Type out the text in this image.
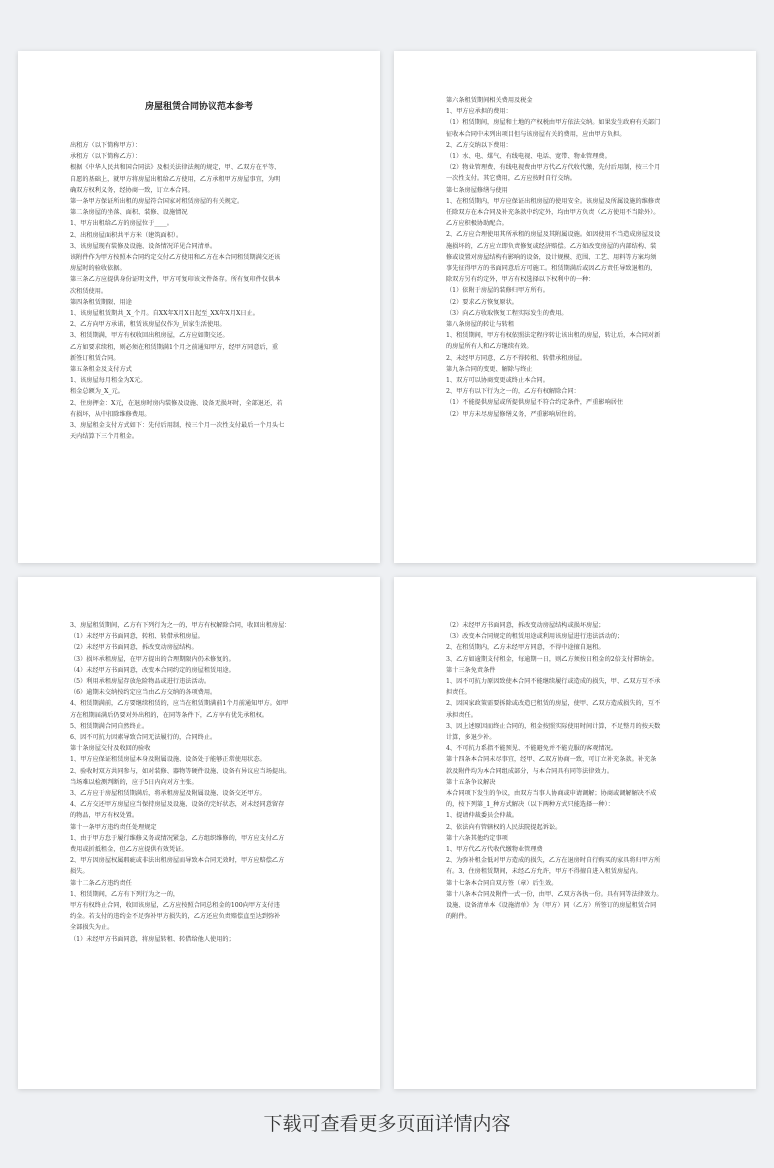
房屋租赁合同协议范本参考
出租方（以下简称甲方）：
承租方（以下简称乙方）：
根据《中华人民共和国合同法》及相关法律法规的规定，甲、乙双方在平等、
自愿的基础上，就甲方将房屋出租给乙方使用，乙方承租甲方房屋事宜，为明
确双方权利义务，经协商一致，订立本合同。
第一条甲方保证所出租的房屋符合国家对租赁房屋的有关规定。
第二条房屋的坐落、面积、装修、设施情况
1、甲方出租给乙方的房屋位于____。
2、出租房屋面积共平方米（建筑面积）。
3、该房屋现有装修及设施、设备情况详见合同清单。
该附件作为甲方按照本合同约定交付乙方使用和乙方在本合同租赁期满交还该
房屋时的验收依据。
第三条乙方应提供身份证明文件，甲方可复印该文件备存。所有复印件仅供本
次租赁使用。
第四条租赁期限、用途
1、该房屋租赁期共_X_个月。自XX年X月X日起至_XX年X月X日止。
2、乙方向甲方承诺，租赁该房屋仅作为_居家生活使用。
3、租赁期满，甲方有权收回出租房屋，乙方应如期交还。
乙方如要求续租，则必须在租赁期满1个月之前通知甲方，经甲方同意后，重
新签订租赁合同。
第五条租金及支付方式
1、该房屋每月租金为X元。
租金总额为_X_元。
2、住房押金：X元，在退房时房内装修及设施、设备无损坏时，全部退还，若
有损坏，从中扣除维修费用。
3、房屋租金支付方式如下：先付后用制，按三个月一次性支付最后一个月头七
天内结算下三个月租金。
第六条租赁期间相关费用及税金
1、甲方应承担的费用：
（1）租赁期间，房屋和土地的产权税由甲方依法交纳。如果发生政府有关部门
征收本合同中未列出项目但与该房屋有关的费用，应由甲方负担。
2、乙方交纳以下费用：
（1）水、电、煤气、有线电视、电话、宽带、物业管理费。
（2）物业管理费、有线电视费由甲方代乙方代收代缴，先付后用制，按三个月
一次性支付。其它费用，乙方应按时自行交纳。
第七条房屋修缮与使用
1、在租赁期内，甲方应保证出租房屋的使用安全。该房屋及所属设施的维修责
任除双方在本合同及补充条款中约定外，均由甲方负责（乙方使用不当除外）。
乙方应积极协助配合。
2、乙方应合理使用其所承租的房屋及其附属设施。如因使用不当造成房屋及设
施损坏的，乙方应立即负责修复或经济赔偿。乙方如改变房屋的内部结构、装
修或设置对房屋结构有影响的设备，设计规模、范围、工艺、用料等方案均须
事先征得甲方的书面同意后方可施工。租赁期满后或因乙方责任导致退租的，
除双方另有约定外，甲方有权选择以下权利中的一种：
（1）依附于房屋的装修归甲方所有。
（2）要求乙方恢复原状。
（3）向乙方收取恢复工程实际发生的费用。
第八条房屋的转让与转租
1、租赁期间，甲方有权依照法定程序转让该出租的房屋，转让后，本合同对新
的房屋所有人和乙方继续有效。
2、未经甲方同意，乙方不得转租、转借承租房屋。
第九条合同的变更、解除与终止
1、双方可以协商变更或终止本合同。
2、甲方有以下行为之一的，乙方有权解除合同：
（1）不能提供房屋或所提供房屋不符合约定条件，严重影响居住
（2）甲方未尽房屋修缮义务，严重影响居住的。
3、房屋租赁期间，乙方有下列行为之一的，甲方有权解除合同，收回出租房屋：
（1）未经甲方书面同意，转租、转借承租房屋。
（2）未经甲方书面同意，拆改变动房屋结构。
（3）损坏承租房屋，在甲方提出的合理期限内仍未修复的。
（4）未经甲方书面同意，改变本合同约定的房屋租赁用途。
（5）利用承租房屋存放危险物品或进行违法活动。
（6）逾期未交纳按约定应当由乙方交纳的各项费用。
4、租赁期满前，乙方要继续租赁的，应当在租赁期满前1个月前通知甲方。如甲
方在租期届满后仍要对外出租的，在同等条件下，乙方享有优先承租权。
5、租赁期满合同自然终止。
6、因不可抗力因素导致合同无法履行的，合同终止。
第十条房屋交付及收回的验收
1、甲方应保证租赁房屋本身及附属设施、设备处于能够正常使用状态。
2、验收时双方共同参与，如对装修、器物等硬件设施、设备有异议应当场提出。
当场难以检测判断的，应于5日内向对方主张。
3、乙方应于房屋租赁期满后，将承租房屋及附属设施、设备交还甲方。
4、乙方交还甲方房屋应当保持房屋及设施、设备的完好状态，对未经同意留存
的物品，甲方有权处置。
第十一条甲方违约责任处理规定
1、由于甲方怠于履行维修义务或情况紧急，乙方组织维修的，甲方应支付乙方
费用或折抵租金，但乙方应提供有效凭证。
2、甲方因房屋权属瑕疵或非法出租房屋而导致本合同无效时，甲方应赔偿乙方
损失。
第十二条乙方违约责任
1、租赁期间，乙方有下列行为之一的，
甲方有权终止合同，收回该房屋，乙方应按照合同总租金的100向甲方支付违
约金。若支付的违约金不足弥补甲方损失的，乙方还应负责赔偿直至达到弥补
全部损失为止。
（1）未经甲方书面同意，将房屋转租、转借给他人使用的；
（2）未经甲方书面同意，拆改变动房屋结构或损坏房屋；
（3）改变本合同规定的租赁用途或利用该房屋进行违法活动的；
2、在租赁期内，乙方未经甲方同意，不得中途擅自退租。
3、乙方如逾期支付租金，每逾期一日，则乙方须按日租金的2倍支付滞纳金。
第十三条免责条件
1、因不可抗力原因致使本合同不能继续履行或造成的损失，甲、乙双方互不承
担责任。
2、因国家政策需要拆除或改造已租赁的房屋，使甲、乙双方造成损失的，互不
承担责任。
3、因上述原因而终止合同的，租金按照实际使用时间计算，不足整月的按天数
计算，多退少补。
4、不可抗力系指不能预见、不能避免并不能克服的客观情况。
第十四条本合同未尽事宜，经甲、乙双方协商一致，可订立补充条款。补充条
款及附件均为本合同组成部分，与本合同具有同等法律效力。
第十五条争议解决
本合同项下发生的争议，由双方当事人协商或申请调解；协商或调解解决不成
的，按下列第_1_种方式解决（以下两种方式只能选择一种）：
1、提请仲裁委员会仲裁。
2、依法向有管辖权的人民法院提起诉讼。
第十六条其他约定事项
1、甲方代乙方代收代缴物业管理费
2、为弥补租金低对甲方造成的损失，乙方在退房时自行购买的家具将归甲方所
有。3、住房租赁期间，未经乙方允许，甲方不得擅自进入租赁房屋内。
第十七条本合同自双方签（章）后生效。
第十八条本合同及附件一式一份，由甲、乙双方各执一份。具有同等法律效力。
设施、设备清单本《设施清单》为（甲方）同（乙方）所签订的房屋租赁合同
的附件。
下载可查看更多页面详情内容
